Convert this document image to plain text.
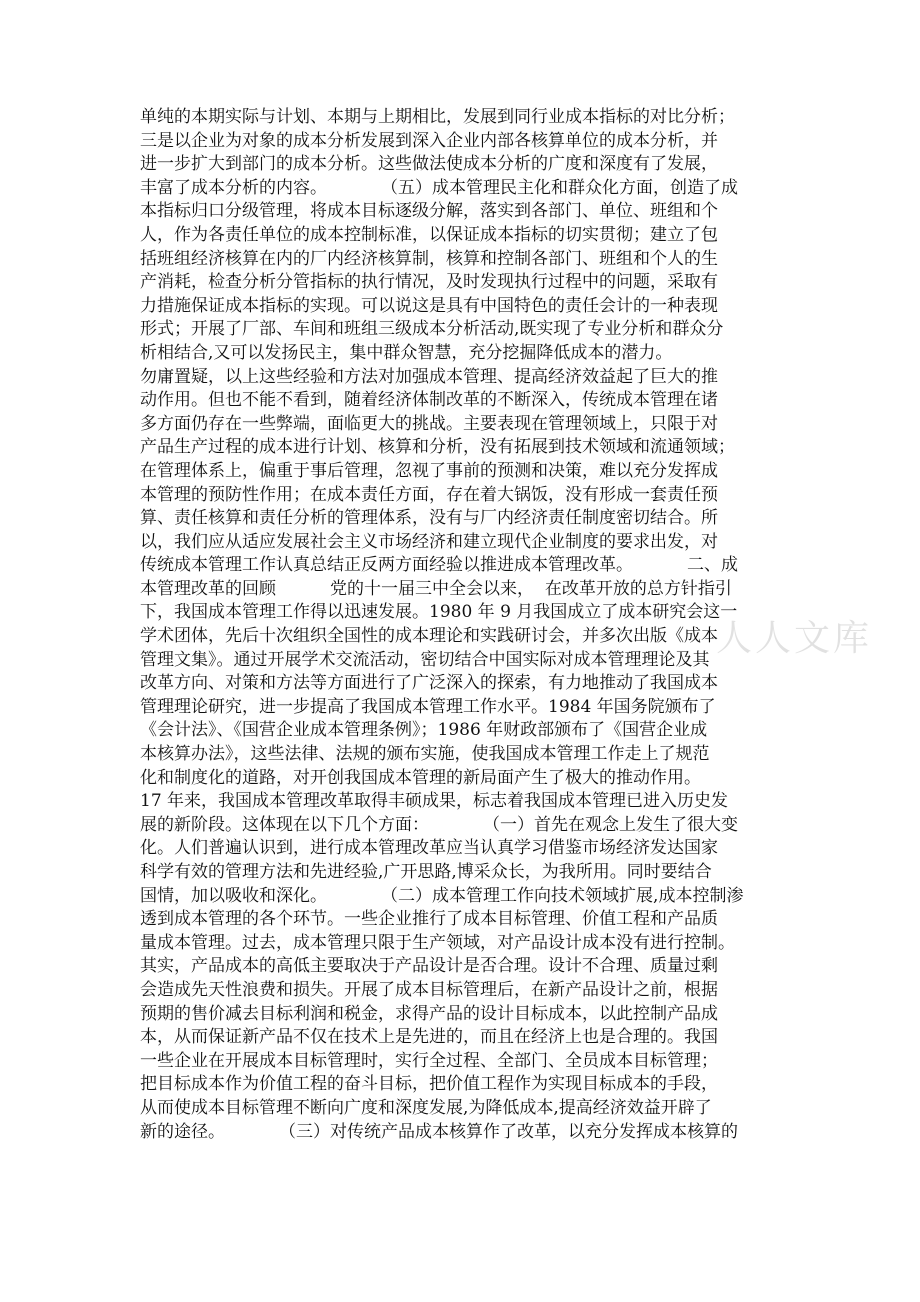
单纯的本期实际与计划、本期与上期相比，发展到同行业成本指标的对比分析；
三是以企业为对象的成本分析发展到深入企业内部各核算单位的成本分析，并
进一步扩大到部门的成本分析。这些做法使成本分析的广度和深度有了发展，
丰富了成本分析的内容。          （五）成本管理民主化和群众化方面，创造了成
本指标归口分级管理，将成本目标逐级分解，落实到各部门、单位、班组和个
人，作为各责任单位的成本控制标准，以保证成本指标的切实贯彻；建立了包
括班组经济核算在内的厂内经济核算制，核算和控制各部门、班组和个人的生
产消耗，检查分析分管指标的执行情况，及时发现执行过程中的问题，采取有
力措施保证成本指标的实现。可以说这是具有中国特色的责任会计的一种表现
形式；开展了厂部、车间和班组三级成本分析活动,既实现了专业分析和群众分
析相结合,又可以发扬民主，集中群众智慧，充分挖掘降低成本的潜力。
勿庸置疑，以上这些经验和方法对加强成本管理、提高经济效益起了巨大的推
动作用。但也不能不看到，随着经济体制改革的不断深入，传统成本管理在诸
多方面仍存在一些弊端，面临更大的挑战。主要表现在管理领域上，只限于对
产品生产过程的成本进行计划、核算和分析，没有拓展到技术领域和流通领域；
在管理体系上，偏重于事后管理，忽视了事前的预测和决策，难以充分发挥成
本管理的预防性作用；在成本责任方面，存在着大锅饭，没有形成一套责任预
算、责任核算和责任分析的管理体系，没有与厂内经济责任制度密切结合。所
以，我们应从适应发展社会主义市场经济和建立现代企业制度的要求出发，对
传统成本管理工作认真总结正反两方面经验以推进成本管理改革。          二、成
本管理改革的回顾          党的十一届三中全会以来，  在改革开放的总方针指引
下，我国成本管理工作得以迅速发展。1980 年 9 月我国成立了成本研究会这一
学术团体，先后十次组织全国性的成本理论和实践研讨会，并多次出版《成本
管理文集》。通过开展学术交流活动，密切结合中国实际对成本管理理论及其
改革方向、对策和方法等方面进行了广泛深入的探索，有力地推动了我国成本
管理理论研究，进一步提高了我国成本管理工作水平。1984 年国务院颁布了
《会计法》、《国营企业成本管理条例》；1986 年财政部颁布了《国营企业成
本核算办法》，这些法律、法规的颁布实施，使我国成本管理工作走上了规范
化和制度化的道路，对开创我国成本管理的新局面产生了极大的推动作用。
17 年来，我国成本管理改革取得丰硕成果，标志着我国成本管理已进入历史发
展的新阶段。这体现在以下几个方面：          （一）首先在观念上发生了很大变
化。人们普遍认识到，进行成本管理改革应当认真学习借鉴市场经济发达国家
科学有效的管理方法和先进经验,广开思路,博采众长，为我所用。同时要结合
国情，加以吸收和深化。          （二）成本管理工作向技术领域扩展,成本控制渗
透到成本管理的各个环节。一些企业推行了成本目标管理、价值工程和产品质
量成本管理。过去，成本管理只限于生产领域，对产品设计成本没有进行控制。
其实，产品成本的高低主要取决于产品设计是否合理。设计不合理、质量过剩
会造成先天性浪费和损失。开展了成本目标管理后，在新产品设计之前，根据
预期的售价减去目标利润和税金，求得产品的设计目标成本，以此控制产品成
本，从而保证新产品不仅在技术上是先进的，而且在经济上也是合理的。我国
一些企业在开展成本目标管理时，实行全过程、全部门、全员成本目标管理；
把目标成本作为价值工程的奋斗目标，把价值工程作为实现目标成本的手段，
从而使成本目标管理不断向广度和深度发展,为降低成本,提高经济效益开辟了
新的途径。          （三）对传统产品成本核算作了改革，以充分发挥成本核算的
人人文库
